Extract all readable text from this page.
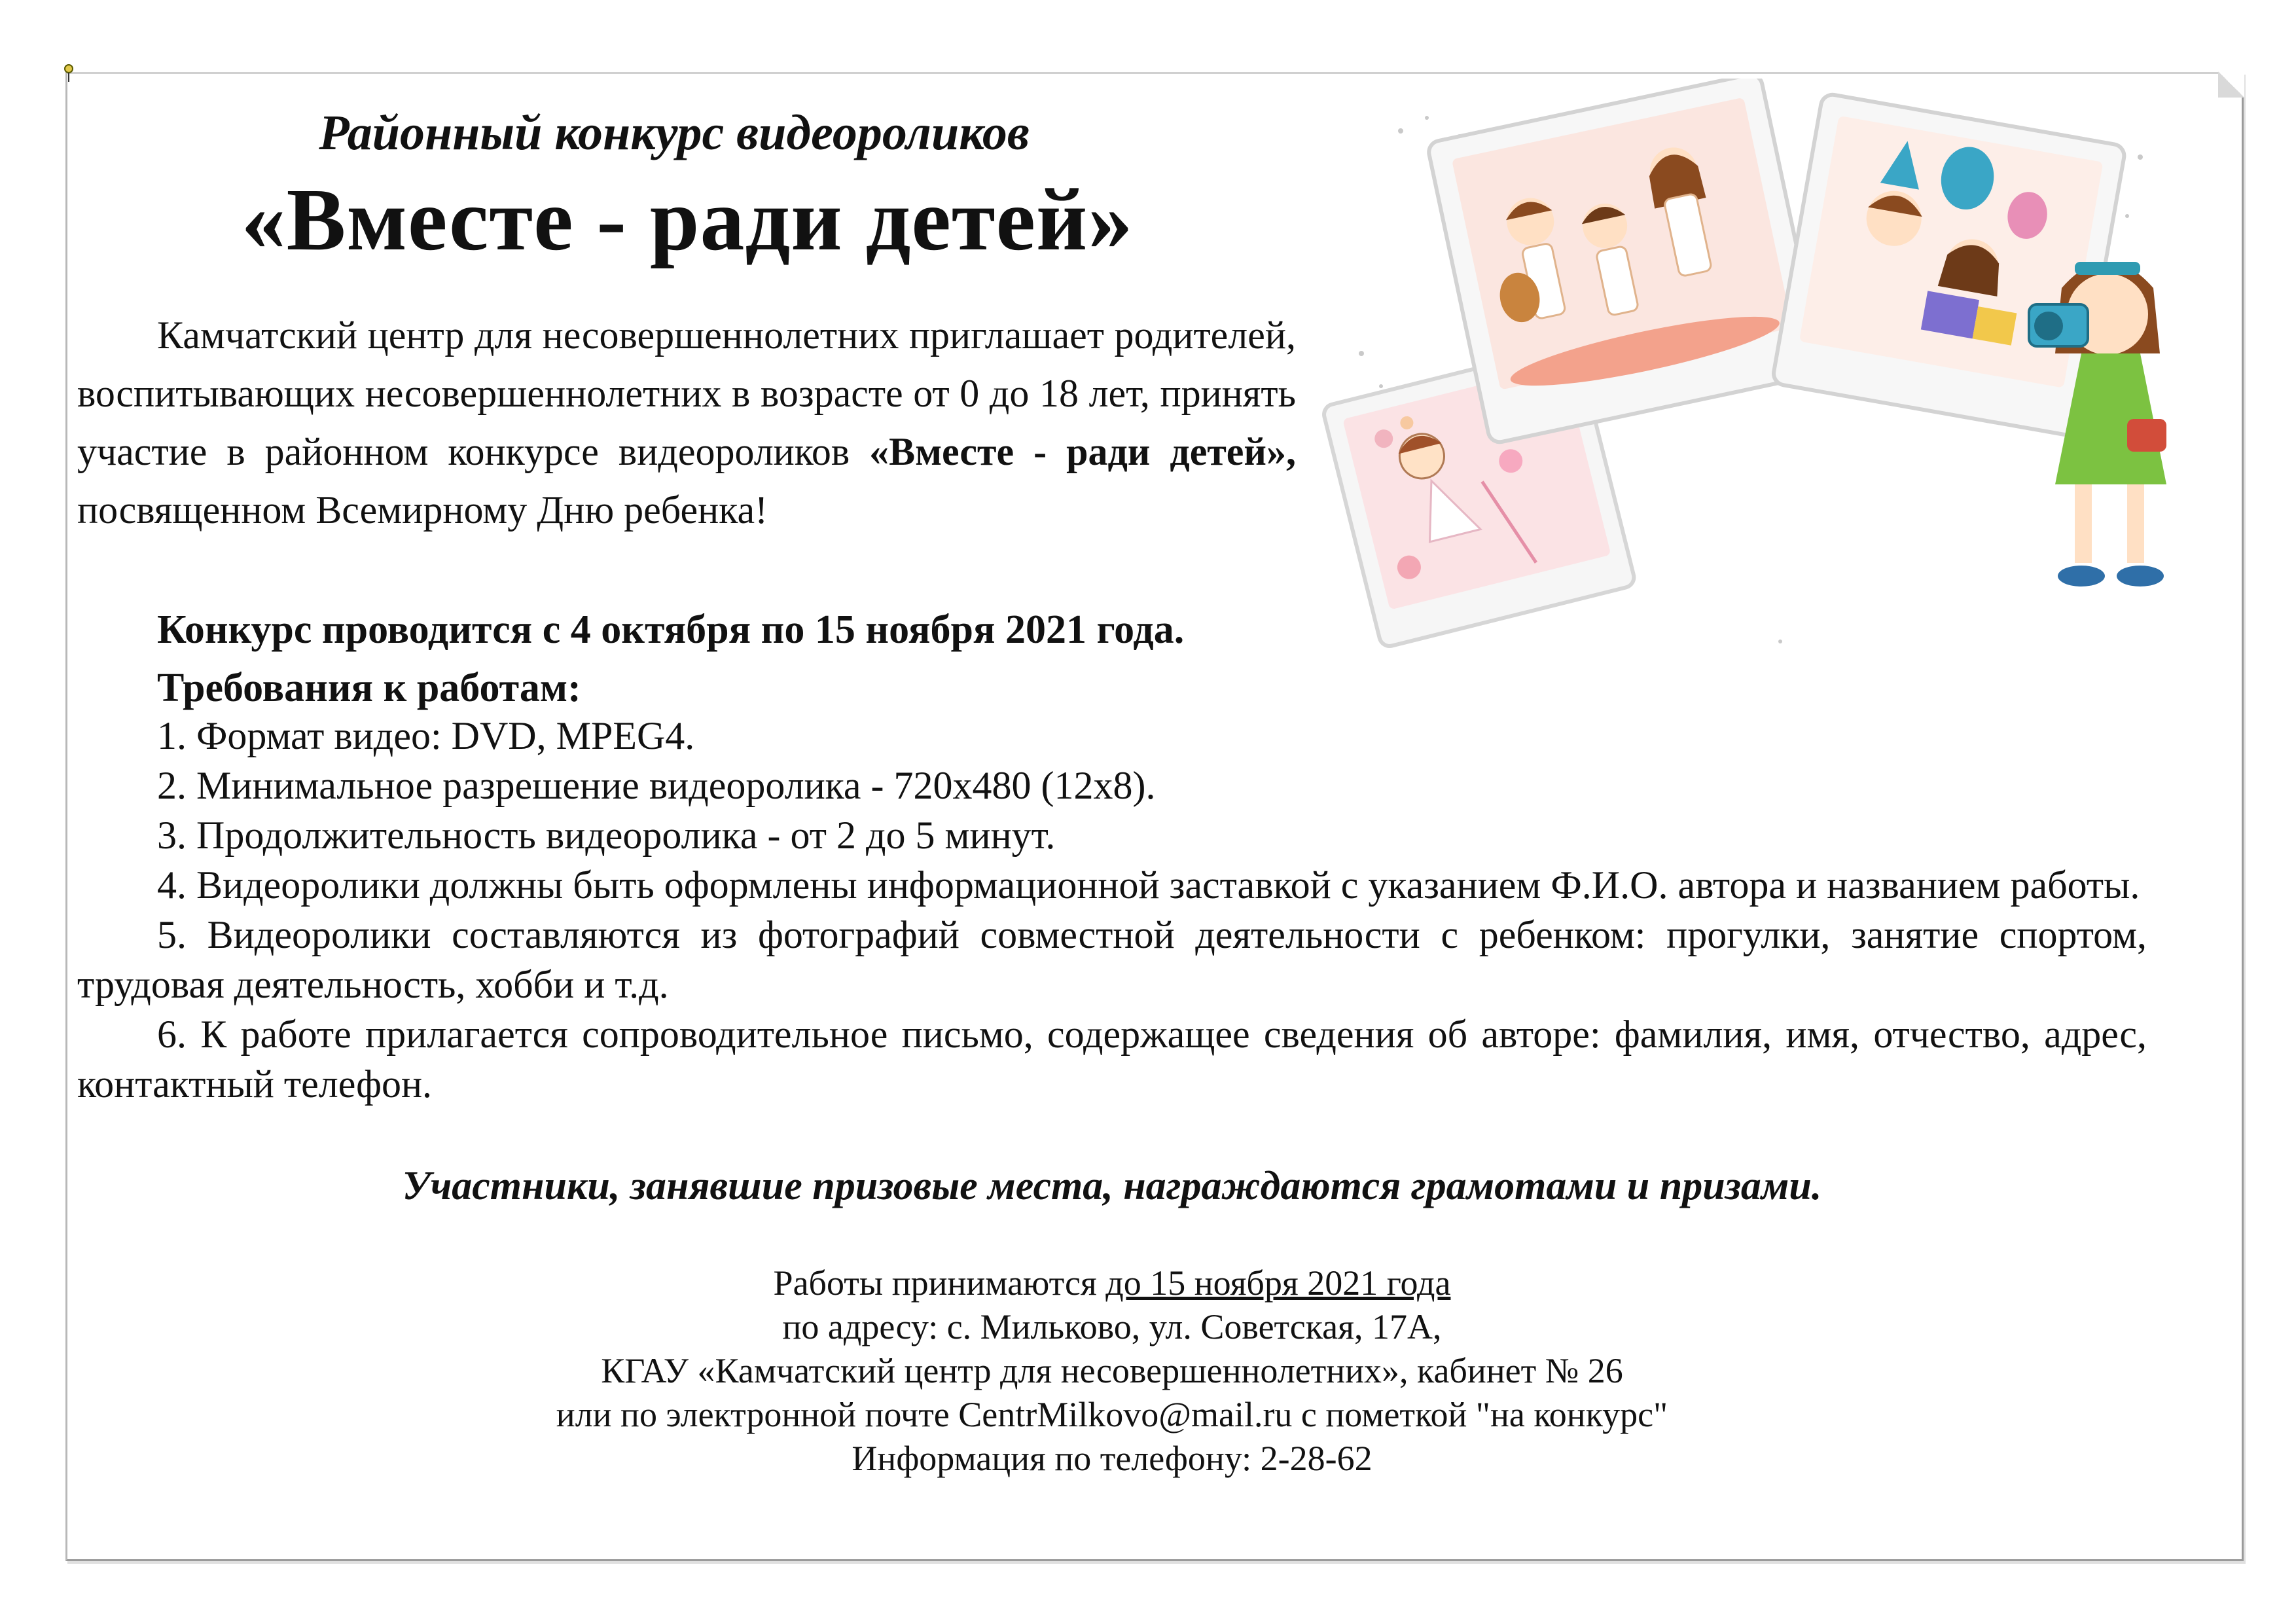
Районный конкурс видеороликов
«Вместе - ради детей»
Камчатский центр для несовершеннолетних приглашает родителей, воспитывающих несовершеннолетних в возрасте от 0 до 18 лет, принять участие в районном конкурсе видеороликов «Вместе - ради детей», посвященном Всемирному Дню ребенка!
Конкурс проводится с 4 октября по 15 ноября 2021 года.
Требования к работам:
1. Формат видео: DVD, MPEG4.
2. Минимальное разрешение видеоролика - 720х480 (12х8).
3. Продолжительность видеоролика - от 2 до 5 минут.
4. Видеоролики должны быть оформлены информационной заставкой с указанием Ф.И.О. автора и названием работы.
5. Видеоролики составляются из фотографий совместной деятельности с ребенком: прогулки, занятие спортом, трудовая деятельность, хобби и т.д.
6. К работе прилагается сопроводительное письмо, содержащее сведения об авторе: фамилия, имя, отчество, адрес, контактный телефон.
Участники, занявшие призовые места, награждаются грамотами и призами.
Работы принимаются до 15 ноября 2021 года
по адресу: с. Мильково, ул. Советская, 17А,
КГАУ «Камчатский центр для несовершеннолетних», кабинет № 26
или по электронной почте CentrMilkovo@mail.ru с пометкой "на конкурс"
Информация по телефону: 2-28-62
